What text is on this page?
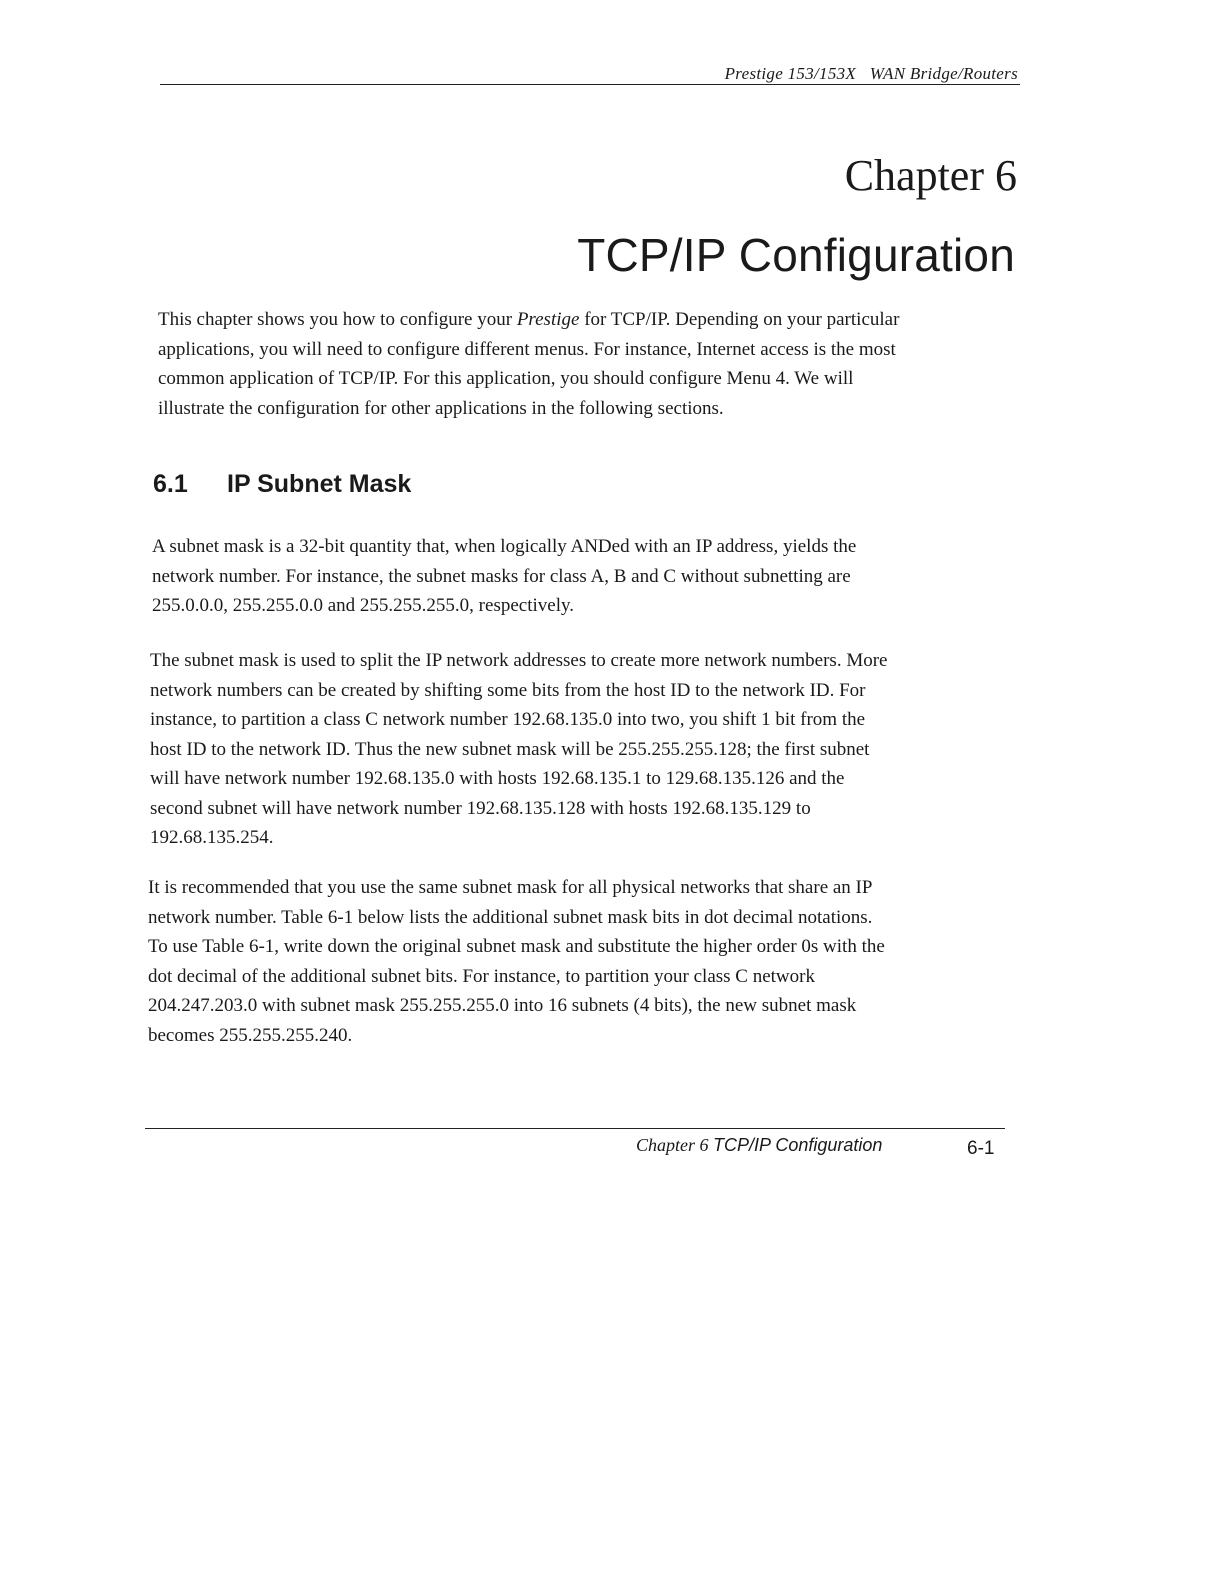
Prestige 153/153X WAN Bridge/Routers
Chapter 6
TCP/IP Configuration
This chapter shows you how to configure your Prestige for TCP/IP. Depending on your particular
applications, you will need to configure different menus. For instance, Internet access is the most
common application of TCP/IP. For this application, you should configure Menu 4. We will
illustrate the configuration for other applications in the following sections.
6.1 IP Subnet Mask
A subnet mask is a 32-bit quantity that, when logically ANDed with an IP address, yields the
network number. For instance, the subnet masks for class A, B and C without subnetting are
255.0.0.0, 255.255.0.0 and 255.255.255.0, respectively.
The subnet mask is used to split the IP network addresses to create more network numbers. More
network numbers can be created by shifting some bits from the host ID to the network ID. For
instance, to partition a class C network number 192.68.135.0 into two, you shift 1 bit from the
host ID to the network ID. Thus the new subnet mask will be 255.255.255.128; the first subnet
will have network number 192.68.135.0 with hosts 192.68.135.1 to 129.68.135.126 and the
second subnet will have network number 192.68.135.128 with hosts 192.68.135.129 to
192.68.135.254.
It is recommended that you use the same subnet mask for all physical networks that share an IP
network number. Table 6-1 below lists the additional subnet mask bits in dot decimal notations.
To use Table 6-1, write down the original subnet mask and substitute the higher order 0s with the
dot decimal of the additional subnet bits. For instance, to partition your class C network
204.247.203.0 with subnet mask 255.255.255.0 into 16 subnets (4 bits), the new subnet mask
becomes 255.255.255.240.
Chapter 6 TCP/IP Configuration	6-1
